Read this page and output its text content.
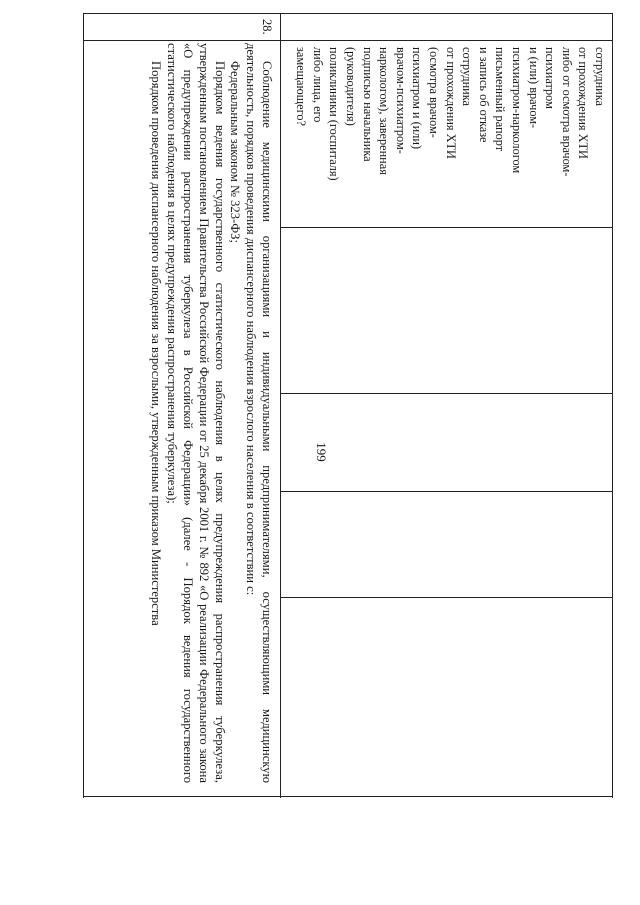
199
сотрудника
от прохождения ХТИ
либо от осмотра врачом-
психиатром
и (или) врачом-
психиатром-наркологом
письменный рапорт
и запись об отказе
сотрудника
от прохождения ХТИ
(осмотра врачом-
психиатром и (или)
врачом-психиатром-
наркологом), заверенная
подписью начальника
(руководителя)
поликлиники (госпиталя)
либо лица, его
замещающего?
28.

Соблюдение медицинскими организациями и индивидуальными предпринимателями, осуществляющими медицинскую деятельность, порядков проведения диспансерного наблюдения взрослого населения в соответствии с:

Федеральным законом № 323-ФЗ;

Порядком ведения государственного статистического наблюдения в целях предупреждения распространения туберкулеза, утвержденным постановлением Правительства Российской Федерации от 25 декабря 2001 г. № 892 «О реализации Федерального закона «О предупреждении распространения туберкулеза в Российской Федерации» (далее - Порядок ведения государственного статистического наблюдения в целях предупреждения распространения туберкулеза);

Порядком проведения диспансерного наблюдения за взрослыми, утвержденным приказом Министерства
